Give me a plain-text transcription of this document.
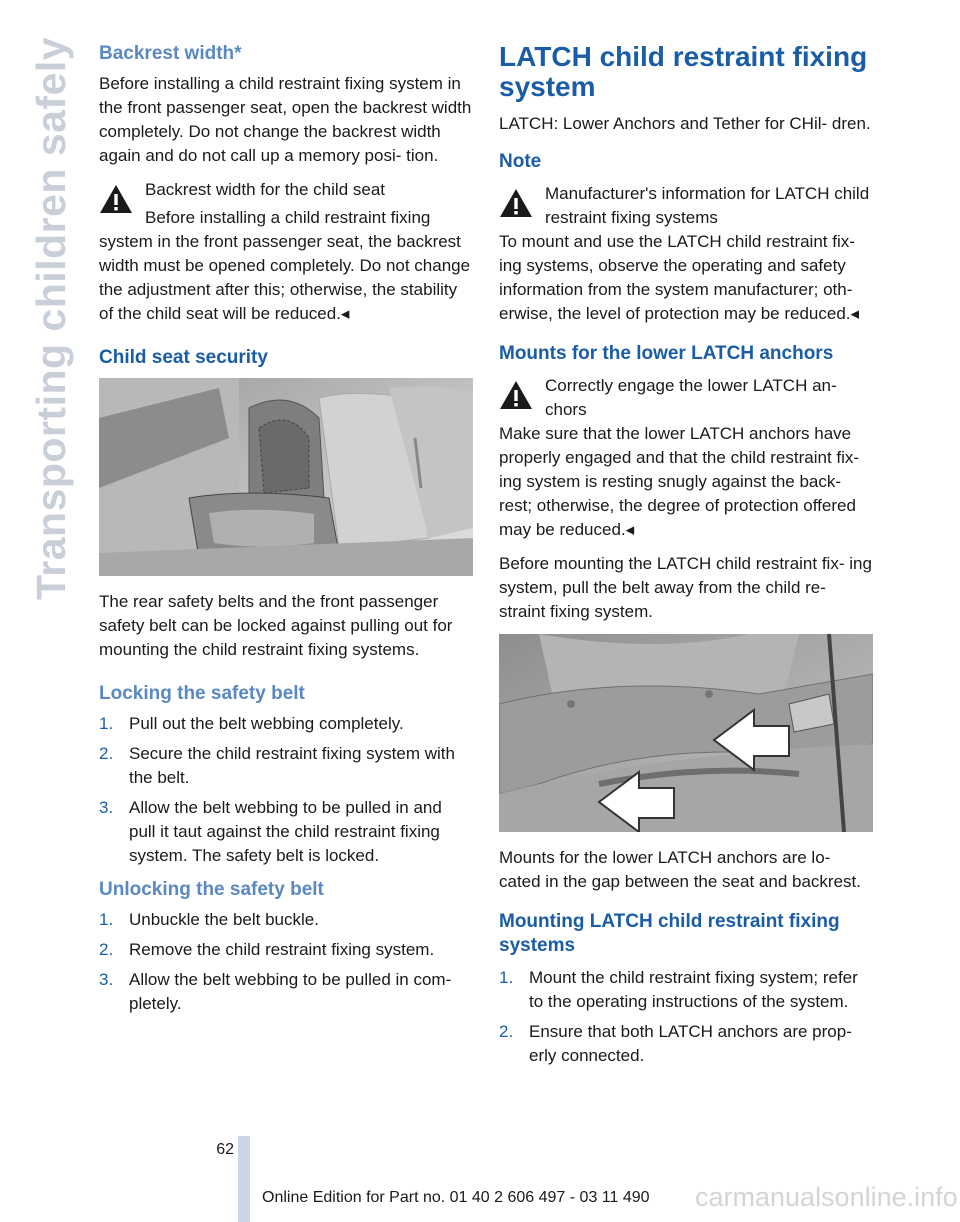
Transporting children safely Backrest width*

Before installing a child restraint fixing system in the front passenger seat, open the backrest width completely. Do not change the backrest width again and do not call up a memory posi- tion.

Backrest width for the child seat
Before installing a child restraint fixing
system in the front passenger seat, the backrest width must be opened completely. Do not change the adjustment after this; otherwise, the stability of the child seat will be reduced.◂
Child seat security

The rear safety belts and the front passenger safety belt can be locked against pulling out for mounting the child restraint fixing systems.

Locking the safety belt
1. Pull out the belt webbing completely.
2. Secure the child restraint fixing system with the belt.
3. Allow the belt webbing to be pulled in and pull it taut against the child restraint fixing system. The safety belt is locked.
Unlocking the safety belt
1. Unbuckle the belt buckle.
2. Remove the child restraint fixing system.
3. Allow the belt webbing to be pulled in com- pletely.
LATCH child restraint fixing system

LATCH: Lower Anchors and Tether for CHil- dren.

Note
Manufacturer's information for LATCH child restraint fixing systems
To mount and use the LATCH child restraint fix- ing systems, observe the operating and safety information from the system manufacturer; oth- erwise, the level of protection may be reduced.◂
Mounts for the lower LATCH anchors
Correctly engage the lower LATCH an- chors
Make sure that the lower LATCH anchors have properly engaged and that the child restraint fix- ing system is resting snugly against the back- rest; otherwise, the degree of protection offered may be reduced.◂

Before mounting the LATCH child restraint fix- ing system, pull the belt away from the child re- straint fixing system.

Mounts for the lower LATCH anchors are lo- cated in the gap between the seat and backrest.

Mounting LATCH child restraint fixing systems
1. Mount the child restraint fixing system; refer to the operating instructions of the system.
2. Ensure that both LATCH anchors are prop- erly connected.
62
Online Edition for Part no. 01 40 2 606 497 - 03 11 490 carmanualsonline.info
